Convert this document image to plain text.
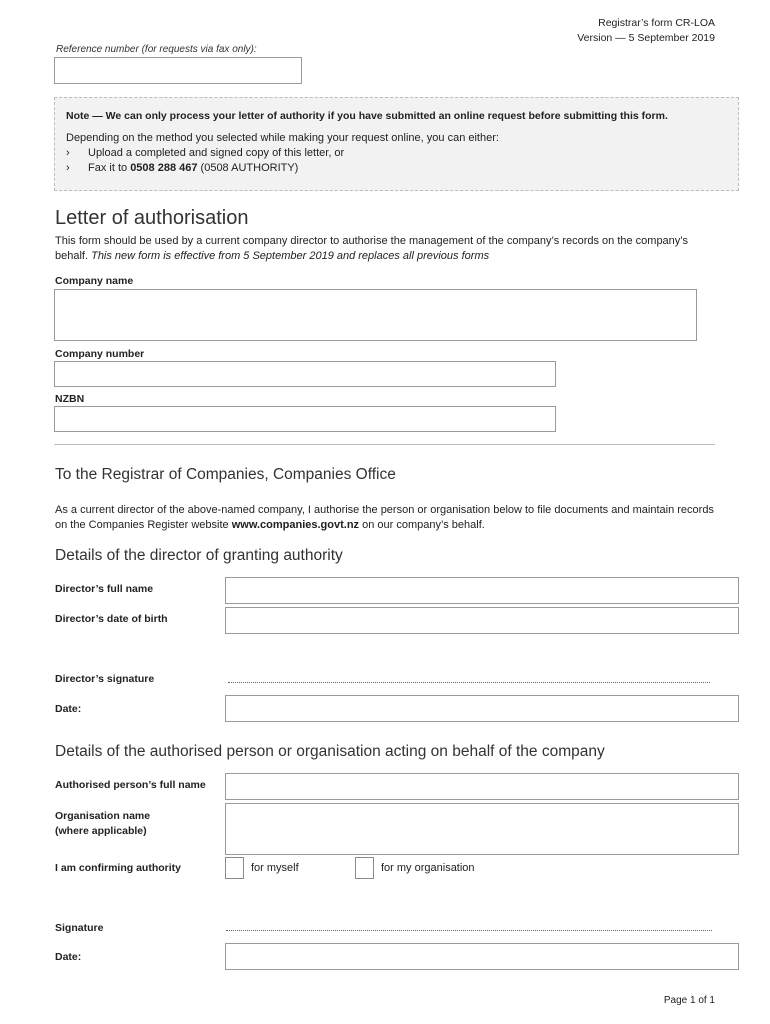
Registrar’s form CR-LOA
Version — 5 September 2019
Reference number (for requests via fax only):
Note — We can only process your letter of authority if you have submitted an online request before submitting this form.
Depending on the method you selected while making your request online, you can either:
› Upload a completed and signed copy of this letter, or
› Fax it to 0508 288 467 (0508 AUTHORITY)
Letter of authorisation
This form should be used by a current company director to authorise the management of the company’s records on the company’s behalf. This new form is effective from 5 September 2019 and replaces all previous forms
Company name
Company number
NZBN
To the Registrar of Companies, Companies Office
As a current director of the above-named company, I authorise the person or organisation below to file documents and maintain records on the Companies Register website www.companies.govt.nz on our company’s behalf.
Details of the director of granting authority
Director’s full name
Director’s date of birth
Director’s signature
Date:
Details of the authorised person or organisation acting on behalf of the company
Authorised person’s full name
Organisation name
(where applicable)
I am confirming authority	for myself	for my organisation
Signature
Date:
Page 1 of 1
